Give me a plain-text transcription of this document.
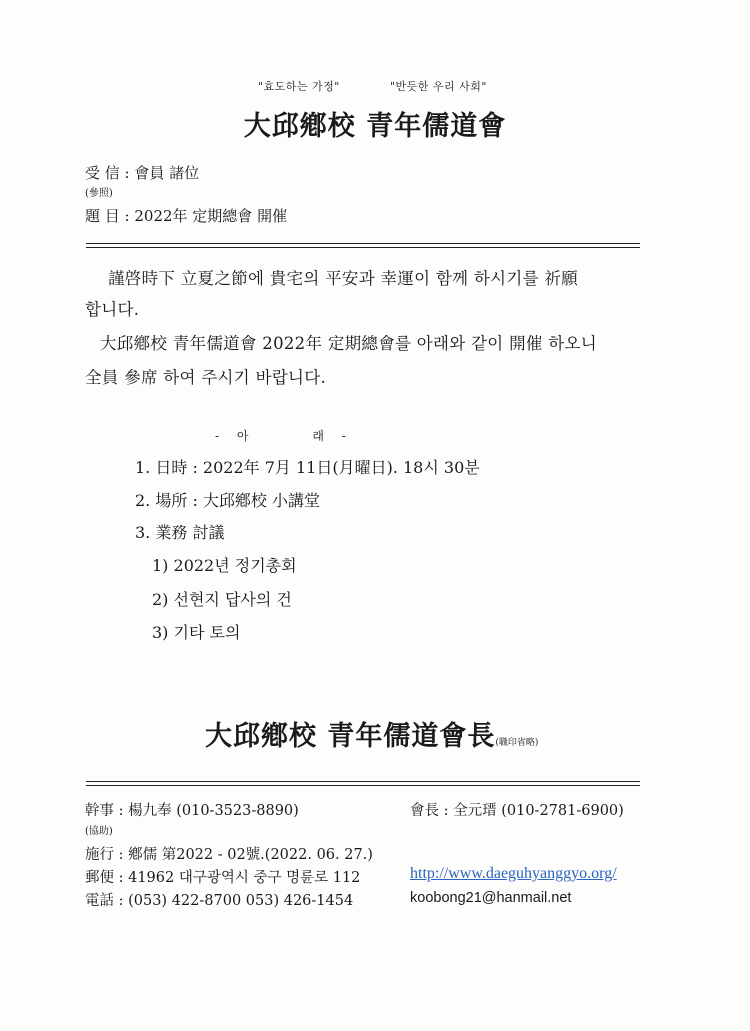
"효도하는 가정"	"반듯한 우리 사회"
大邱鄕校 青年儒道會
受 信 : 會員 諸位
(參照)
題 目 : 2022年 定期總會 開催
謹啓時下 立夏之節에 貴宅의 平安과 幸運이 함께 하시기를 祈願
합니다.
大邱鄕校 青年儒道會 2022年 定期總會를 아래와 같이 開催 하오니
全員 參席 하여 주시기 바랍니다.
- 아	래 -
1. 日時 : 2022年 7月 11日(月曜日). 18시 30분
2. 場所 : 大邱鄕校 小講堂
3. 業務 討議
1) 2022년 정기총회
2) 선현지 답사의 건
3) 기타 토의
大邱鄕校 青年儒道會長(職印省略)
幹事 : 楊九奉 (010-3523-8890)	會長 : 全元瑨 (010-2781-6900)
(協助)
施行 : 鄕儒 第2022 - 02號.(2022. 06. 27.)
郵便 : 41962 대구광역시 중구 명륜로 112	http://www.daeguhyanggyo.org/
電話 : (053) 422-8700 053) 426-1454	koobong21@hanmail.net
